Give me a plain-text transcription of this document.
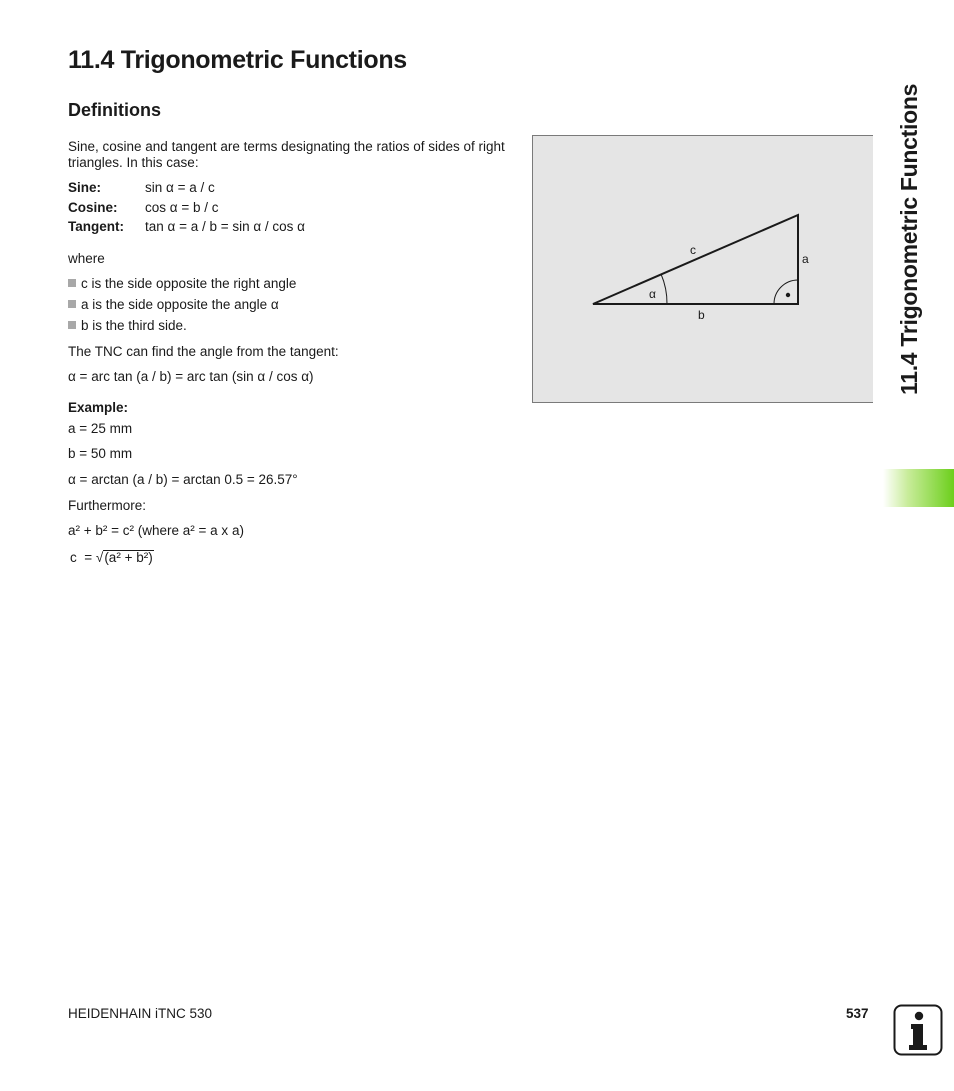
11.4 Trigonometric Functions
Definitions
Sine, cosine and tangent are terms designating the ratios of sides of right triangles. In this case:
Sine:	sin α = a / c
Cosine: cos α = b / c
Tangent: tan α = a / b = sin α / cos α
where
c is the side opposite the right angle
a is the side opposite the angle α
b is the third side.
The TNC can find the angle from the tangent:
α = arc tan (a / b) = arc tan (sin α / cos α)
Example:
a = 25 mm
b = 50 mm
α = arctan (a / b) = arctan 0.5 = 26.57°
Furthermore:
a² + b² = c² (where a² = a x a)
c  = √(a² + b²)
c
a
b
α	11.4 Trigonometric Functions
HEIDENHAIN iTNC 530	537
